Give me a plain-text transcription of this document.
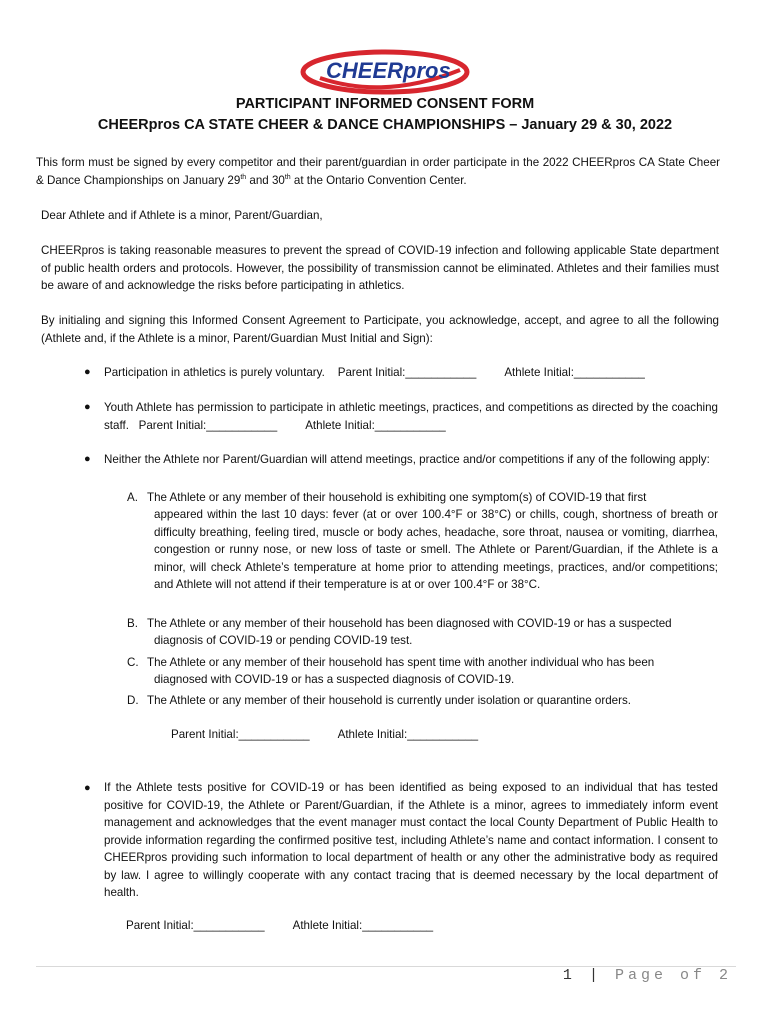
CHEERpros
PARTICIPANT INFORMED CONSENT FORM
CHEERpros CA STATE CHEER & DANCE CHAMPIONSHIPS – January 29 & 30, 2022

This form must be signed by every competitor and their parent/guardian in order participate in the 2022 CHEERpros CA State Cheer & Dance Championships on January 29th and 30th at the Ontario Convention Center.

Dear Athlete and if Athlete is a minor, Parent/Guardian,

CHEERpros is taking reasonable measures to prevent the spread of COVID-19 infection and following applicable State department of public health orders and protocols. However, the possibility of transmission cannot be eliminated. Athletes and their families must be aware of and acknowledge the risks before participating in athletics.

By initialing and signing this Informed Consent Agreement to Participate, you acknowledge, accept, and agree to all the following (Athlete and, if the Athlete is a minor, Parent/Guardian Must Initial and Sign):

● Participation in athletics is purely voluntary. Parent Initial:___________ Athlete Initial:___________
● Youth Athlete has permission to participate in athletic meetings, practices, and competitions as directed by the coaching staff. Parent Initial:___________ Athlete Initial:___________
● Neither the Athlete nor Parent/Guardian will attend meetings, practice and/or competitions if any of the following apply:
A. The Athlete or any member of their household is exhibiting one symptom(s) of COVID-19 that first
appeared within the last 10 days: fever (at or over 100.4°F or 38°C) or chills, cough, shortness of breath or difficulty breathing, feeling tired, muscle or body aches, headache, sore throat, nausea or vomiting, diarrhea, congestion or runny nose, or new loss of taste or smell. The Athlete or Parent/Guardian, if the Athlete is a minor, will check Athlete’s temperature at home prior to attending meetings, practices, and/or competitions; and Athlete will not attend if their temperature is at or over 100.4°F or 38°C.
B. The Athlete or any member of their household has been diagnosed with COVID-19 or has a suspected
diagnosis of COVID-19 or pending COVID-19 test.
C. The Athlete or any member of their household has spent time with another individual who has been
diagnosed with COVID-19 or has a suspected diagnosis of COVID-19.
D. The Athlete or any member of their household is currently under isolation or quarantine orders.
Parent Initial:___________ Athlete Initial:___________
● If the Athlete tests positive for COVID-19 or has been identified as being exposed to an individual that has tested positive for COVID-19, the Athlete or Parent/Guardian, if the Athlete is a minor, agrees to immediately inform event management and acknowledges that the event manager must contact the local County Department of Public Health to provide information regarding the confirmed positive test, including Athlete’s name and contact information. I consent to CHEERpros providing such information to local department of health or any other the administrative body as required by law. I agree to willingly cooperate with any contact tracing that is deemed necessary by the local department of health.
Parent Initial:___________ Athlete Initial:___________
1 | Page of 2
